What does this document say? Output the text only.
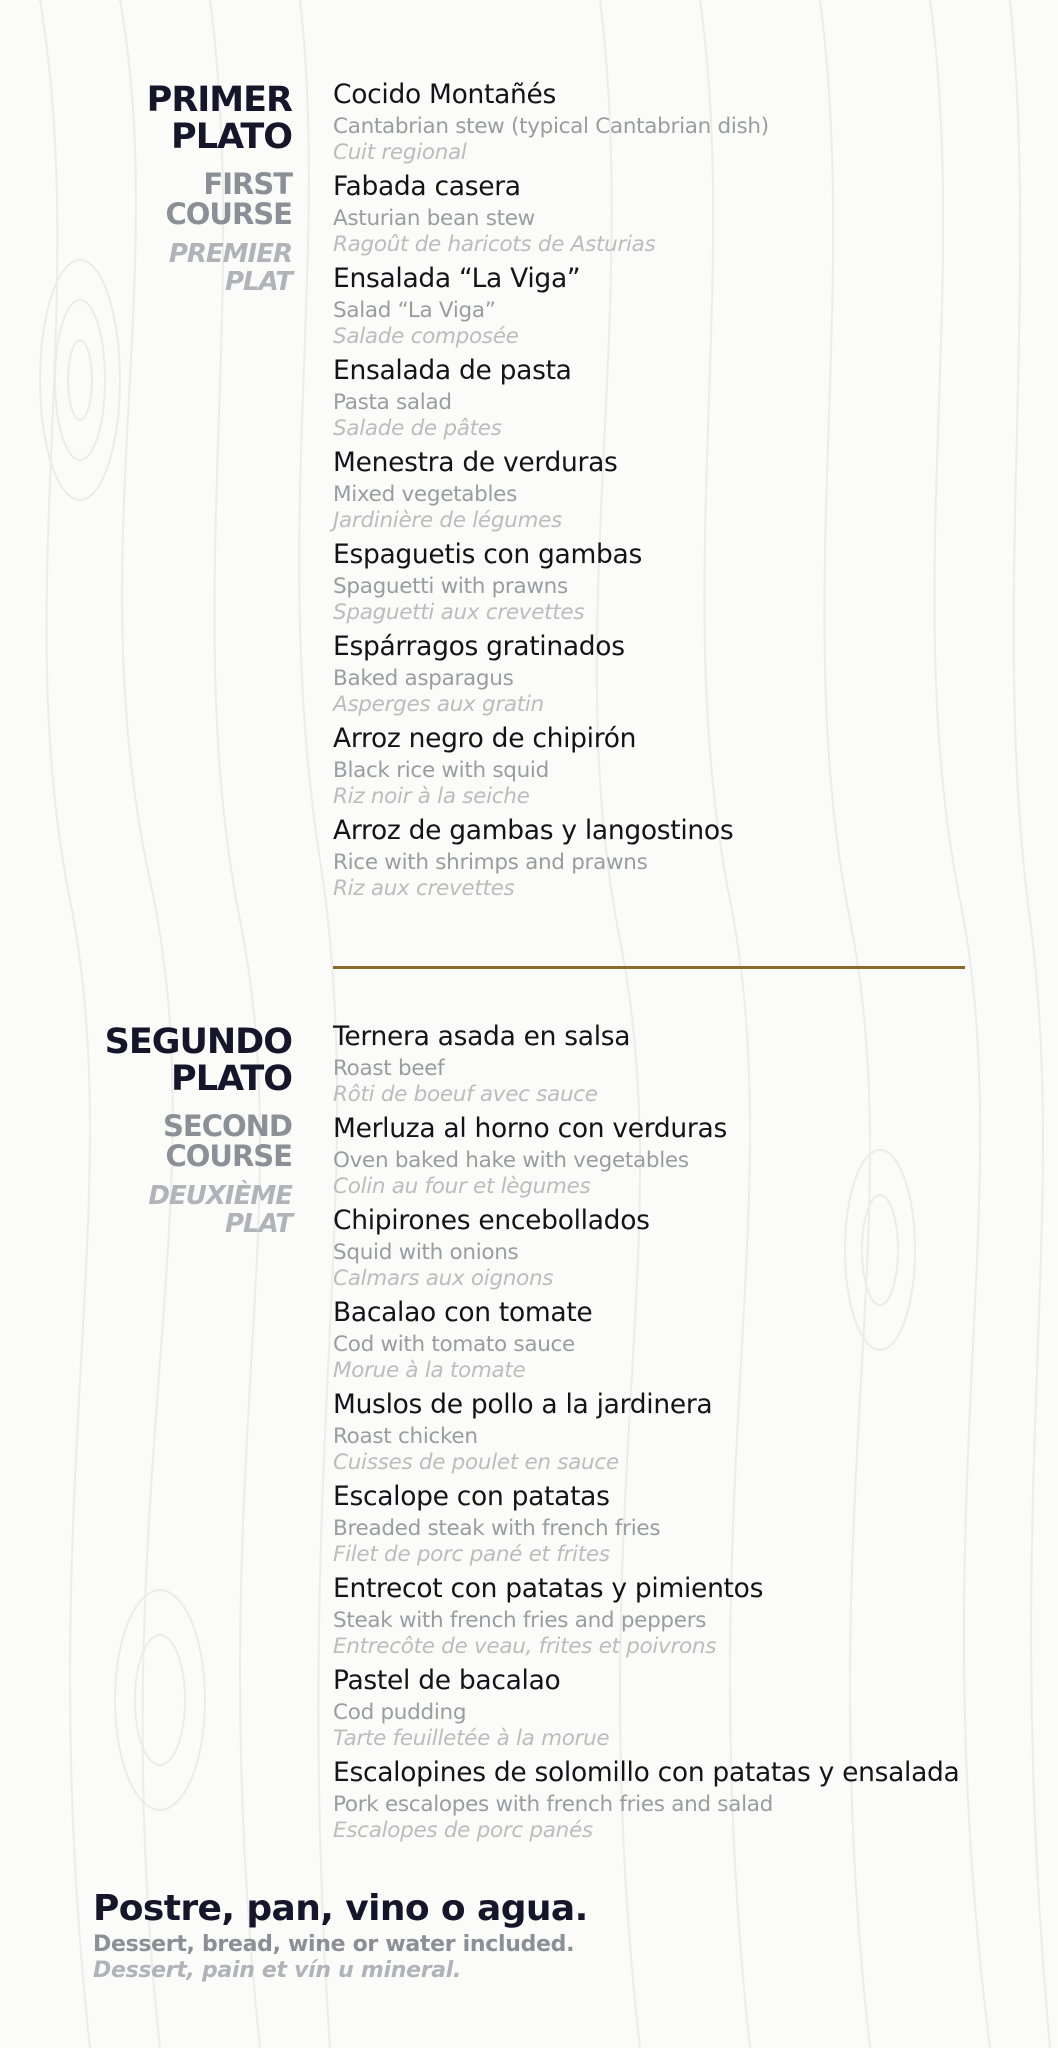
PRIMER
PLATO
FIRST
COURSE
PREMIER
PLAT
Cocido Montañés
Cantabrian stew (typical Cantabrian dish)
Cuit regional
Fabada casera
Asturian bean stew
Ragoût de haricots de Asturias
Ensalada “La Viga”
Salad “La Viga”
Salade composée
Ensalada de pasta
Pasta salad
Salade de pâtes
Menestra de verduras
Mixed vegetables
Jardinière de légumes
Espaguetis con gambas
Spaguetti with prawns
Spaguetti aux crevettes
Espárragos gratinados
Baked asparagus
Asperges aux gratin
Arroz negro de chipirón
Black rice with squid
Riz noir à la seiche
Arroz de gambas y langostinos
Rice with shrimps and prawns
Riz aux crevettes
SEGUNDO
PLATO
SECOND
COURSE
DEUXIÈME
PLAT
Ternera asada en salsa
Roast beef
Rôti de boeuf avec sauce
Merluza al horno con verduras
Oven baked hake with vegetables
Colin au four et lègumes
Chipirones encebollados
Squid with onions
Calmars aux oignons
Bacalao con tomate
Cod with tomato sauce
Morue à la tomate
Muslos de pollo a la jardinera
Roast chicken
Cuisses de poulet en sauce
Escalope con patatas
Breaded steak with french fries
Filet de porc pané et frites
Entrecot con patatas y pimientos
Steak with french fries and peppers
Entrecôte de veau, frites et poivrons
Pastel de bacalao
Cod pudding
Tarte feuilletée à la morue
Escalopines de solomillo con patatas y ensalada
Pork escalopes with french fries and salad
Escalopes de porc panés
Postre, pan, vino o agua.
Dessert, bread, wine or water included.
Dessert, pain et vín u mineral.
